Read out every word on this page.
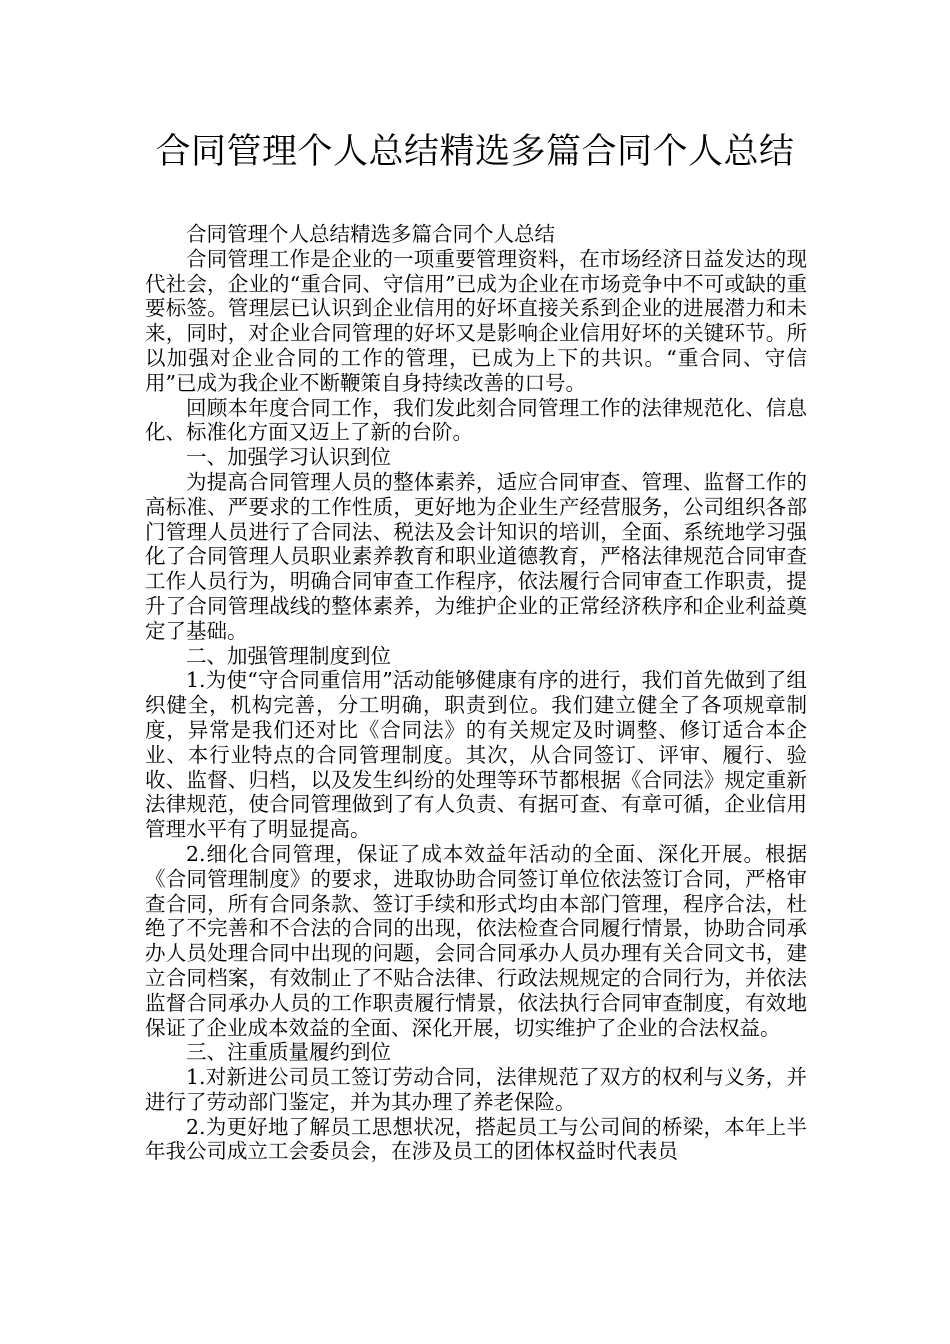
合同管理个人总结精选多篇合同个人总结

合同管理个人总结精选多篇合同个人总结

合同管理工作是企业的一项重要管理资料，在市场经济日益发达的现代社会，企业的“重合同、守信用”已成为企业在市场竞争中不可或缺的重要标签。管理层已认识到企业信用的好坏直接关系到企业的进展潜力和未来，同时，对企业合同管理的好坏又是影响企业信用好坏的关键环节。所以加强对企业合同的工作的管理，已成为上下的共识。“重合同、守信用”已成为我企业不断鞭策自身持续改善的口号。

回顾本年度合同工作，我们发此刻合同管理工作的法律规范化、信息化、标准化方面又迈上了新的台阶。

一、加强学习认识到位

为提高合同管理人员的整体素养，适应合同审查、管理、监督工作的高标准、严要求的工作性质，更好地为企业生产经营服务，公司组织各部门管理人员进行了合同法、税法及会计知识的培训，全面、系统地学习强化了合同管理人员职业素养教育和职业道德教育，严格法律规范合同审查工作人员行为，明确合同审查工作程序，依法履行合同审查工作职责，提升了合同管理战线的整体素养，为维护企业的正常经济秩序和企业利益奠定了基础。

二、加强管理制度到位

1.为使“守合同重信用”活动能够健康有序的进行，我们首先做到了组织健全，机构完善，分工明确，职责到位。我们建立健全了各项规章制度，异常是我们还对比《合同法》的有关规定及时调整、修订适合本企业、本行业特点的合同管理制度。其次，从合同签订、评审、履行、验收、监督、归档，以及发生纠纷的处理等环节都根据《合同法》规定重新法律规范，使合同管理做到了有人负责、有据可查、有章可循，企业信用管理水平有了明显提高。

2.细化合同管理，保证了成本效益年活动的全面、深化开展。根据《合同管理制度》的要求，进取协助合同签订单位依法签订合同，严格审查合同，所有合同条款、签订手续和形式均由本部门管理，程序合法，杜绝了不完善和不合法的合同的出现，依法检查合同履行情景，协助合同承办人员处理合同中出现的问题，会同合同承办人员办理有关合同文书，建立合同档案，有效制止了不贴合法律、行政法规规定的合同行为，并依法监督合同承办人员的工作职责履行情景，依法执行合同审查制度，有效地保证了企业成本效益的全面、深化开展，切实维护了企业的合法权益。

三、注重质量履约到位

1.对新进公司员工签订劳动合同，法律规范了双方的权利与义务，并进行了劳动部门鉴定，并为其办理了养老保险。

2.为更好地了解员工思想状况，搭起员工与公司间的桥梁，本年上半年我公司成立工会委员会，在涉及员工的团体权益时代表员
